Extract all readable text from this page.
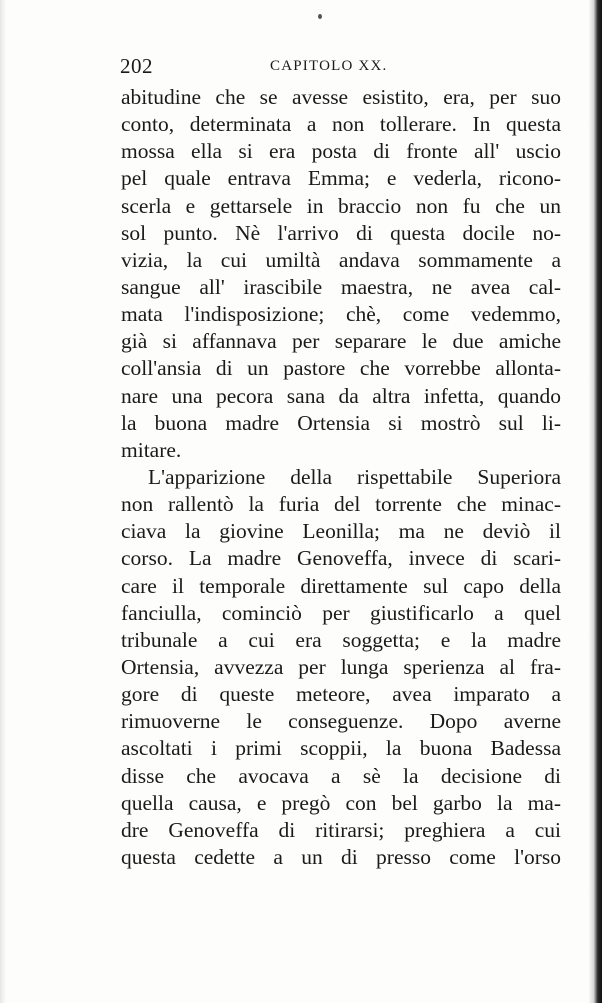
202	CAPITOLO XX.
abitudine che se avesse esistito, era, per suo
conto, determinata a non tollerare. In questa
mossa ella si era posta di fronte all' uscio
pel quale entrava Emma; e vederla, ricono-
scerla e gettarsele in braccio non fu che un
sol punto. Nè l'arrivo di questa docile no-
vizia, la cui umiltà andava sommamente a
sangue all' irascibile maestra, ne avea cal-
mata l'indisposizione; chè, come vedemmo,
già si affannava per separare le due amiche
coll'ansia di un pastore che vorrebbe allonta-
nare una pecora sana da altra infetta, quando
la buona madre Ortensia si mostrò sul li-
mitare.
L'apparizione della rispettabile Superiora
non rallentò la furia del torrente che minac-
ciava la giovine Leonilla; ma ne deviò il
corso. La madre Genoveffa, invece di scari-
care il temporale direttamente sul capo della
fanciulla, cominciò per giustificarlo a quel
tribunale a cui era soggetta; e la madre
Ortensia, avvezza per lunga sperienza al fra-
gore di queste meteore, avea imparato a
rimuoverne le conseguenze. Dopo averne
ascoltati i primi scoppii, la buona Badessa
disse che avocava a sè la decisione di
quella causa, e pregò con bel garbo la ma-
dre Genoveffa di ritirarsi; preghiera a cui
questa cedette a un di presso come l'orso
